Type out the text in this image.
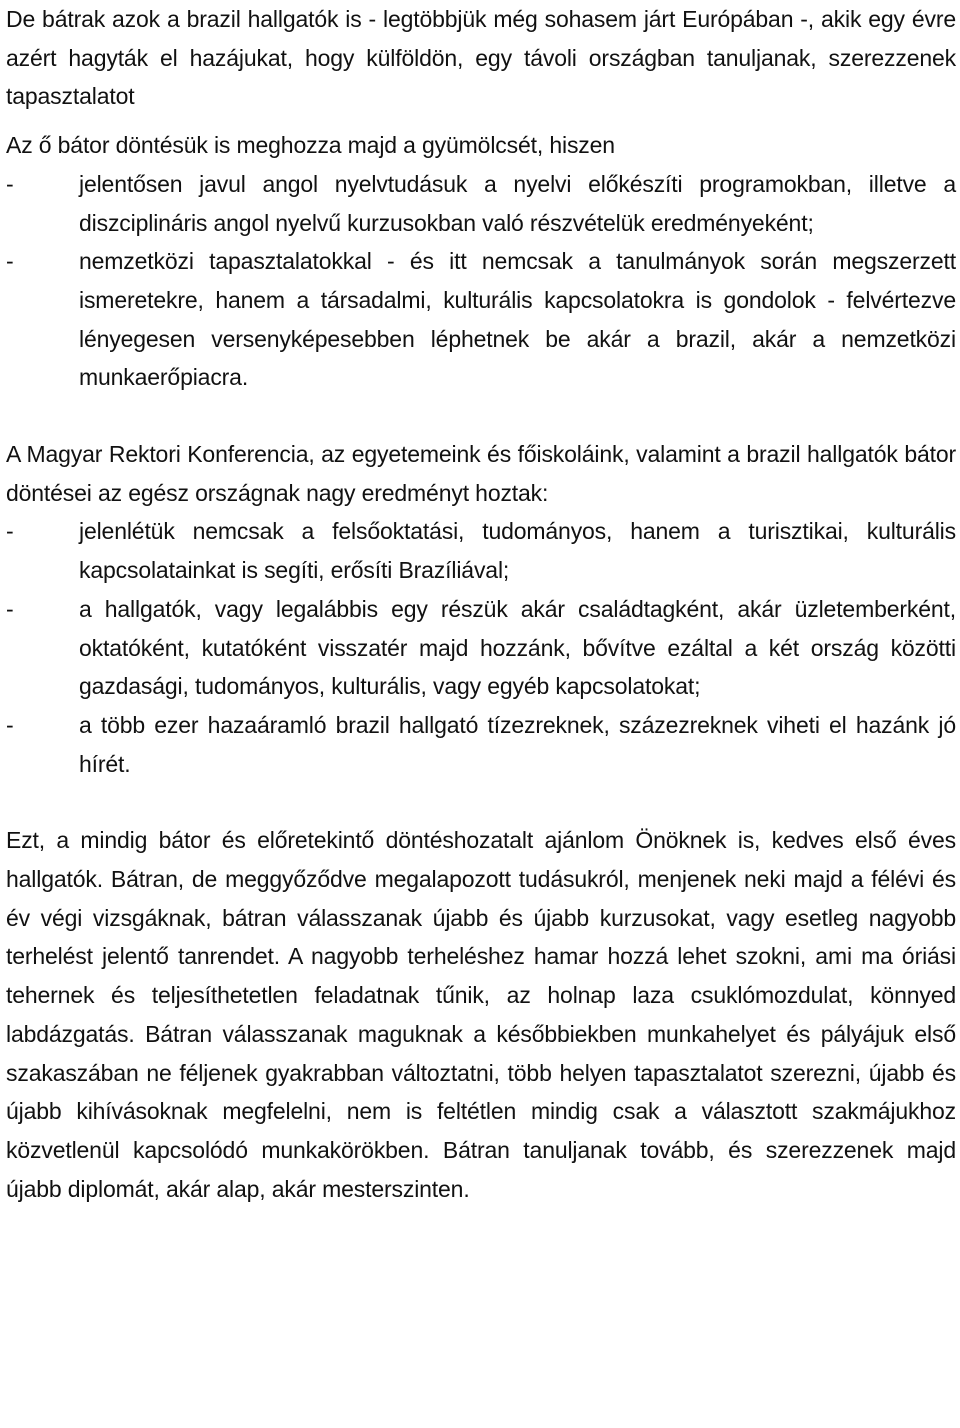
De bátrak azok a brazil hallgatók is - legtöbbjük még sohasem járt Európában -, akik egy évre azért hagyták el hazájukat, hogy külföldön, egy távoli országban tanuljanak, szerezzenek tapasztalatot

Az ő bátor döntésük is meghozza majd a gyümölcsét, hiszen

-	jelentősen javul angol nyelvtudásuk a nyelvi előkészíti programokban, illetve a diszciplináris angol nyelvű kurzusokban való részvételük eredményeként;
-	nemzetközi tapasztalatokkal - és itt nemcsak a tanulmányok során megszerzett ismeretekre, hanem a társadalmi, kulturális kapcsolatokra is gondolok - felvértezve lényegesen versenyképesebben léphetnek be akár a brazil, akár a nemzetközi munkaerőpiacra.

A Magyar Rektori Konferencia, az egyetemeink és főiskoláink, valamint a brazil hallgatók bátor döntései az egész országnak nagy eredményt hoztak:

-	jelenlétük nemcsak a felsőoktatási, tudományos, hanem a turisztikai, kulturális kapcsolatainkat is segíti, erősíti Brazíliával;
-	a hallgatók, vagy legalábbis egy részük akár családtagként, akár üzletemberként, oktatóként, kutatóként visszatér majd hozzánk, bővítve ezáltal a két ország közötti gazdasági, tudományos, kulturális, vagy egyéb kapcsolatokat;
-	a több ezer hazaáramló brazil hallgató tízezreknek, százezreknek viheti el hazánk jó hírét.

Ezt, a mindig bátor és előretekintő döntéshozatalt ajánlom Önöknek is, kedves első éves hallgatók. Bátran, de meggyőződve megalapozott tudásukról, menjenek neki majd a félévi és év végi vizsgáknak, bátran válasszanak újabb és újabb kurzusokat, vagy esetleg nagyobb terhelést jelentő tanrendet. A nagyobb terheléshez hamar hozzá lehet szokni, ami ma óriási tehernek és teljesíthetetlen feladatnak tűnik, az holnap laza csuklómozdulat, könnyed labdázgatás. Bátran válasszanak maguknak a későbbiekben munkahelyet és pályájuk első szakaszában ne féljenek gyakrabban változtatni, több helyen tapasztalatot szerezni, újabb és újabb kihívásoknak megfelelni, nem is feltétlen mindig csak a választott szakmájukhoz közvetlenül kapcsolódó munkakörökben. Bátran tanuljanak tovább, és szerezzenek majd újabb diplomát, akár alap, akár mesterszinten.
